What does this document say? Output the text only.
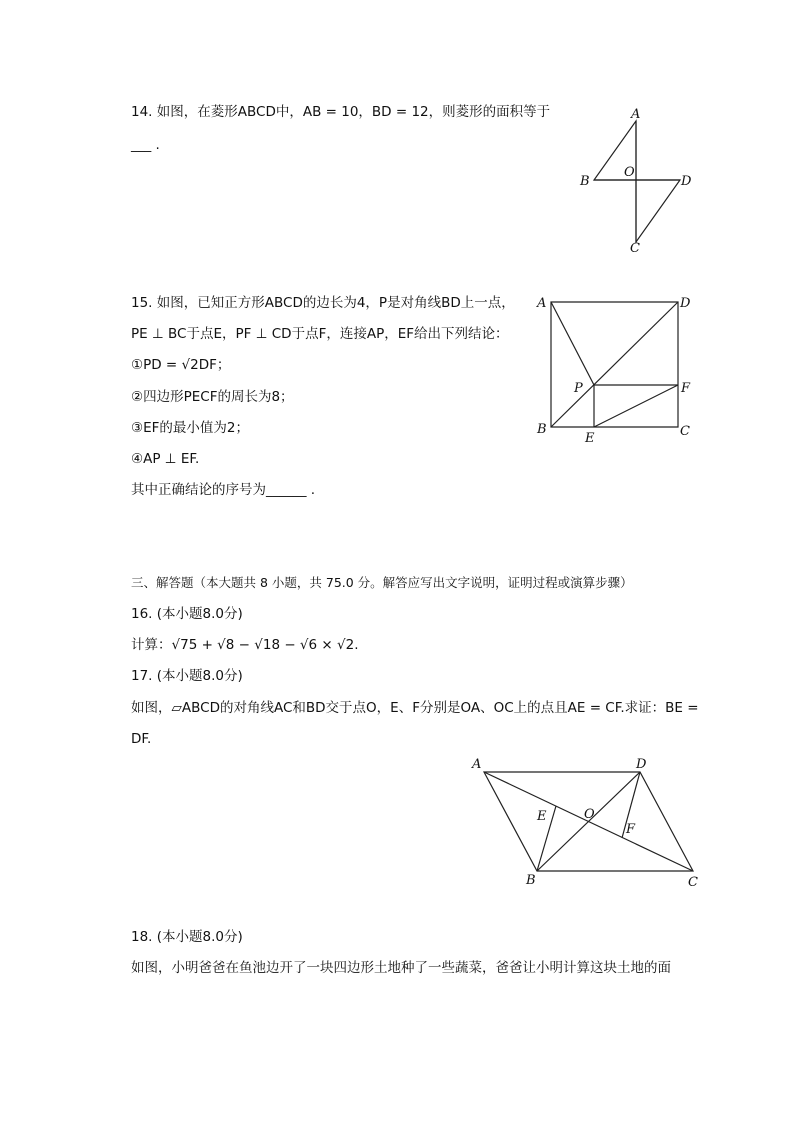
14. 如图，在菱形ABCD中，AB = 10，BD = 12，则菱形的面积等于
___ .
A
B	D
C
O
A	D
B	C
P	F
E
A	D
B	C
O
E
F
15. 如图，已知正方形ABCD的边长为4，P是对角线BD上一点，
PE ⊥ BC于点E，PF ⊥ CD于点F，连接AP，EF给出下列结论：
①PD = √2DF；
②四边形PECF的周长为8；
③EF的最小值为2；
④AP ⊥ EF.
其中正确结论的序号为______ .
三、解答题（本大题共 8 小题，共 75.0 分。解答应写出文字说明，证明过程或演算步骤）
16. (本小题8.0分)
计算：√75 + √8 − √18 − √6 × √2.
17. (本小题8.0分)
如图，▱ABCD的对角线AC和BD交于点O，E、F分别是OA、OC上的点且AE = CF.求证：BE =
DF.
18. (本小题8.0分)
如图，小明爸爸在鱼池边开了一块四边形土地种了一些蔬菜，爸爸让小明计算这块土地的面
